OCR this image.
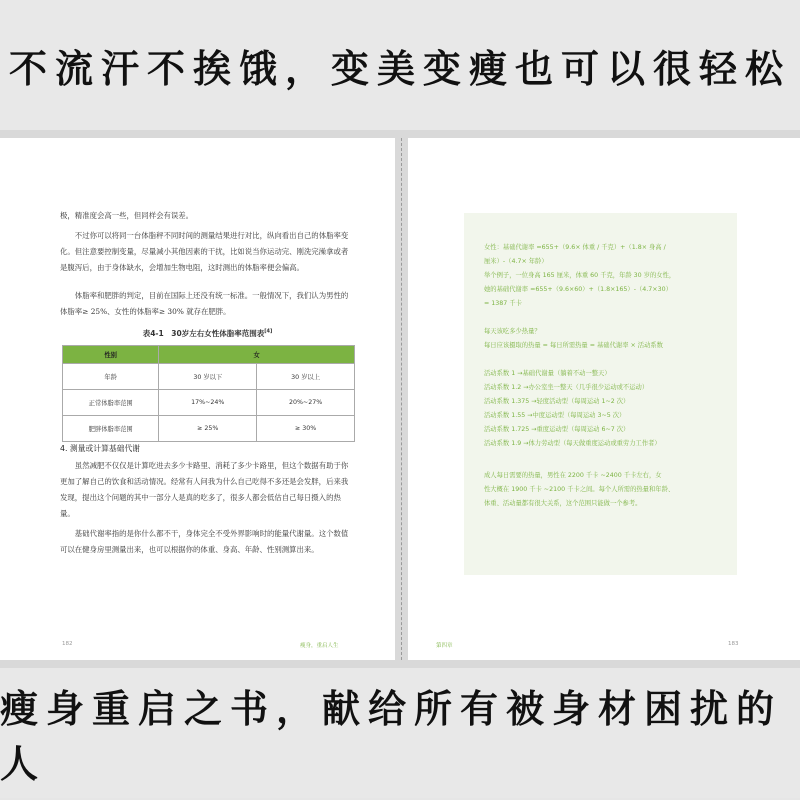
不流汗不挨饿，变美变瘦也可以很轻松

极，精准度会高一些，但同样会有误差。

不过你可以将同一台体脂秤不同时间的测量结果进行对比，纵向看出自己的体脂率变化。但注意要控制变量，尽量减小其他因素的干扰，比如说当你运动完、刚洗完澡拿或者是腹泻后，由于身体缺水，会增加生物电阻，这时测出的体脂率便会偏高。

体脂率和肥胖的判定，目前在国际上还没有统一标准。一般情况下，我们认为男性的体脂率≥ 25%、女性的体脂率≥ 30% 就存在肥胖。

表4-1　30岁左右女性体脂率范围表[4]
性别	女	
年龄	30 岁以下	30 岁以上
正常体脂率范围	17%~24%	20%~27%
肥胖体脂率范围	≥ 25%	≥ 30%

4. 测量或计算基础代谢

虽然减肥不仅仅是计算吃进去多少卡路里、消耗了多少卡路里，但这个数据有助于你更加了解自己的饮食和活动情况。经常有人问我为什么自己吃得不多还是会发胖，后来我发现，提出这个问题的其中一部分人是真的吃多了，很多人都会低估自己每日摄入的热量。

基础代谢率指的是你什么都不干，身体完全不受外界影响时的能量代谢量。这个数值可以在健身房里测量出来，也可以根据你的体重、身高、年龄、性别测算出来。

182	瘦身，重启人生
女性：基础代谢率 =655+（9.6× 体重 / 千克）+（1.8× 身高 /
厘米）-（4.7× 年龄）
举个例子，一位身高 165 厘米，体重 60 千克，年龄 30 岁的女性，
她的基础代谢率 =655+（9.6×60）+（1.8×165）-（4.7×30）
= 1387 千卡
每天该吃多少热量？
每日应该摄取的热量 = 每日所需热量 = 基础代谢率 × 活动系数
活动系数 1 →基础代谢量（躺着不动一整天）
活动系数 1.2 →办公室坐一整天（几乎很少运动或不运动）
活动系数 1.375 →轻度活动型（每周运动 1~2 次）
活动系数 1.55 →中度运动型（每周运动 3~5 次）
活动系数 1.725 →重度运动型（每周运动 6~7 次）
活动系数 1.9 →体力劳动型（每天做重度运动或重劳力工作者）
成人每日需要的热量，男性在 2200 千卡 ~2400 千卡左右，女
性大概在 1900 千卡 ~2100 千卡之间。每个人所需的热量和年龄、
体重、活动量都有很大关系，这个范围只能做一个参考。
第四章	183
瘦身重启之书，献给所有被身材困扰的人
